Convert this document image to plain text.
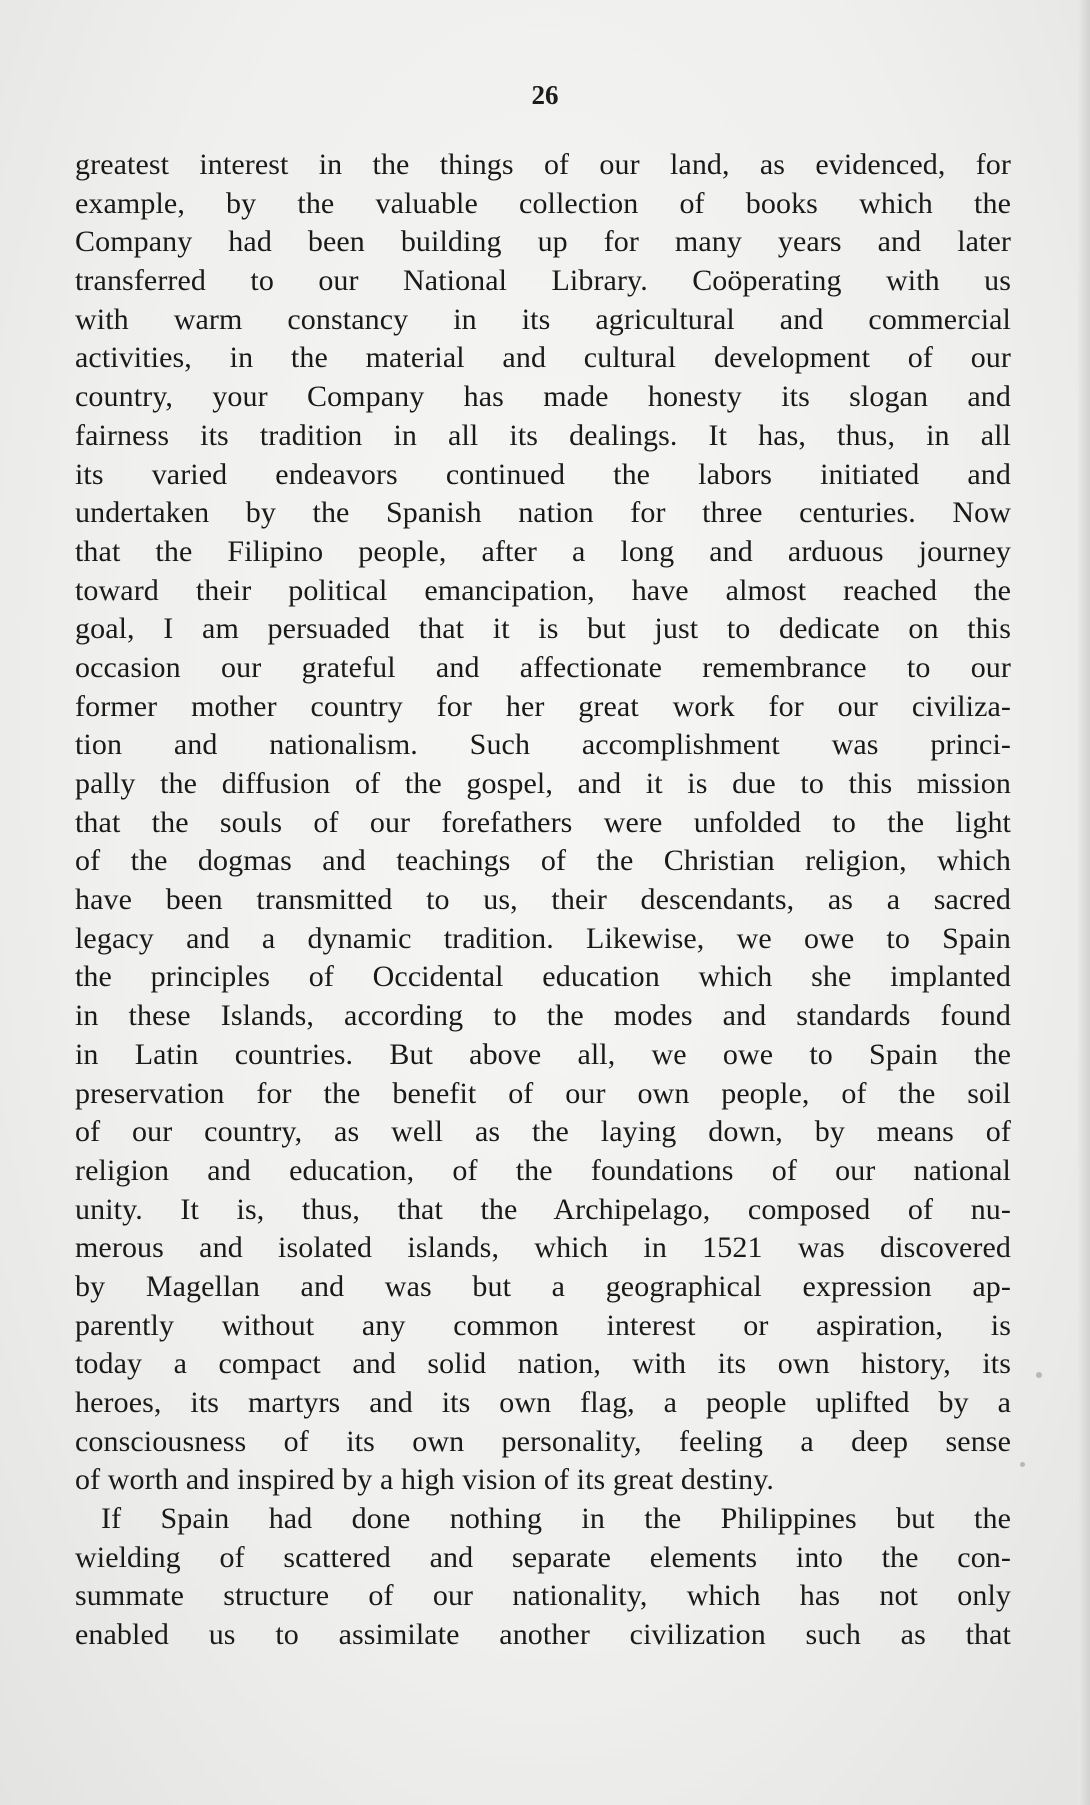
26
greatest interest in the things of our land, as evidenced, for
example, by the valuable collection of books which the
Company had been building up for many years and later
transferred to our National Library. Coöperating with us
with warm constancy in its agricultural and commercial
activities, in the material and cultural development of our
country, your Company has made honesty its slogan and
fairness its tradition in all its dealings. It has, thus, in all
its varied endeavors continued the labors initiated and
undertaken by the Spanish nation for three centuries. Now
that the Filipino people, after a long and arduous journey
toward their political emancipation, have almost reached the
goal, I am persuaded that it is but just to dedicate on this
occasion our grateful and affectionate remembrance to our
former mother country for her great work for our civiliza-
tion and nationalism. Such accomplishment was princi-
pally the diffusion of the gospel, and it is due to this mission
that the souls of our forefathers were unfolded to the light
of the dogmas and teachings of the Christian religion, which
have been transmitted to us, their descendants, as a sacred
legacy and a dynamic tradition. Likewise, we owe to Spain
the principles of Occidental education which she implanted
in these Islands, according to the modes and standards found
in Latin countries. But above all, we owe to Spain the
preservation for the benefit of our own people, of the soil
of our country, as well as the laying down, by means of
religion and education, of the foundations of our national
unity. It is, thus, that the Archipelago, composed of nu-
merous and isolated islands, which in 1521 was discovered
by Magellan and was but a geographical expression ap-
parently without any common interest or aspiration, is
today a compact and solid nation, with its own history, its
heroes, its martyrs and its own flag, a people uplifted by a
consciousness of its own personality, feeling a deep sense
of worth and inspired by a high vision of its great destiny.
If Spain had done nothing in the Philippines but the
wielding of scattered and separate elements into the con-
summate structure of our nationality, which has not only
enabled us to assimilate another civilization such as that
